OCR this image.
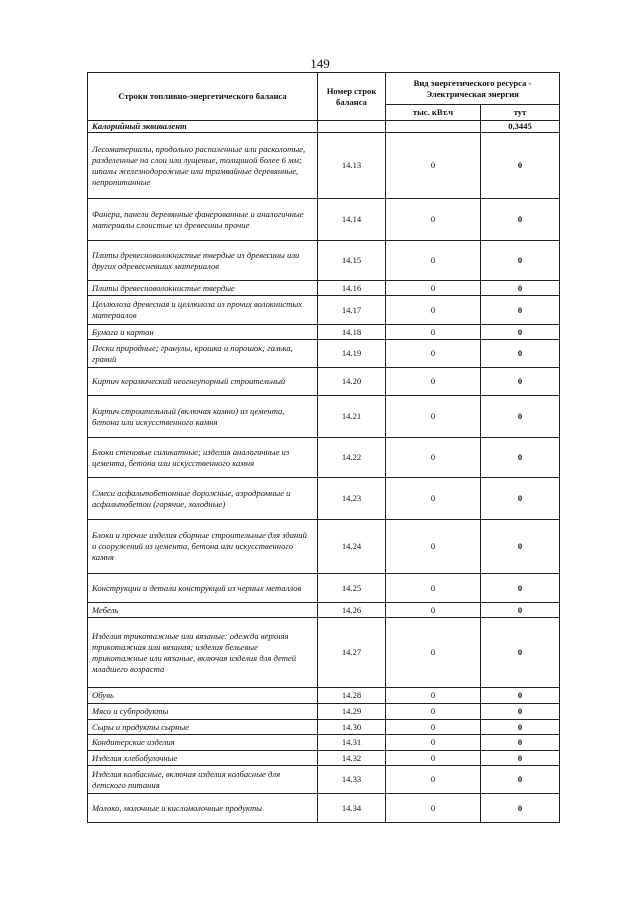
149
Строки топливно-энергетического баланса	Номер строк баланса	Вид энергетического ресурса - Электрическая энергия	
		тыс. кВт.ч	тут
Калорийный эквивалент			0,3445
Лесоматериалы, продольно распиленные или расколотые, разделенные на слои или лущеные, толщиной более 6 мм; шпалы железнодорожные или трамвайные деревянные, непропитанные	14.13	0	0
Фанера, панели деревянные фанерованные и аналогичные материалы слоистые из древесины прочие	14.14	0	0
Плиты древесноволокнистые твердые из древесины или других одревесневших материалов	14.15	0	0
Плиты древесноволокнистые твердые	14.16	0	0
Целлюлоза древесная и целлюлоза из прочих волокнистых материалов	14.17	0	0
Бумага и картон	14.18	0	0
Пески природные; гранулы, крошка и порошок; галька, гравий	14.19	0	0
Кирпич керамический неогнеупорный строительный	14.20	0	0
Кирпич строительный (включая камни) из цемента, бетона или искусственного камня	14.21	0	0
Блоки стеновые силикатные; изделия аналогичные из цемента, бетона или искусственного камня	14.22	0	0
Смеси асфальтобетонные дорожные, аэродромные и асфальтобетон (горячие, холодные)	14.23	0	0
Блоки и прочие изделия сборные строительные для зданий и сооружений из цемента, бетона или искусственного камня	14.24	0	0
Конструкции и детали конструкций из черных металлов	14.25	0	0
Мебель	14.26	0	0
Изделия трикотажные или вязаные: одежда верхняя трикотажная или вязаная; изделия бельевые трикотажные или вязаные, включая изделия для детей младшего возраста	14.27	0	0
Обувь	14.28	0	0
Мясо и субпродукты	14.29	0	0
Сыры и продукты сырные	14.30	0	0
Кондитерские изделия	14.31	0	0
Изделия хлебобулочные	14.32	0	0
Изделия колбасные, включая изделия колбасные для детского питания	14.33	0	0
Молоко, молочные и кисломолочные продукты	14.34	0	0
